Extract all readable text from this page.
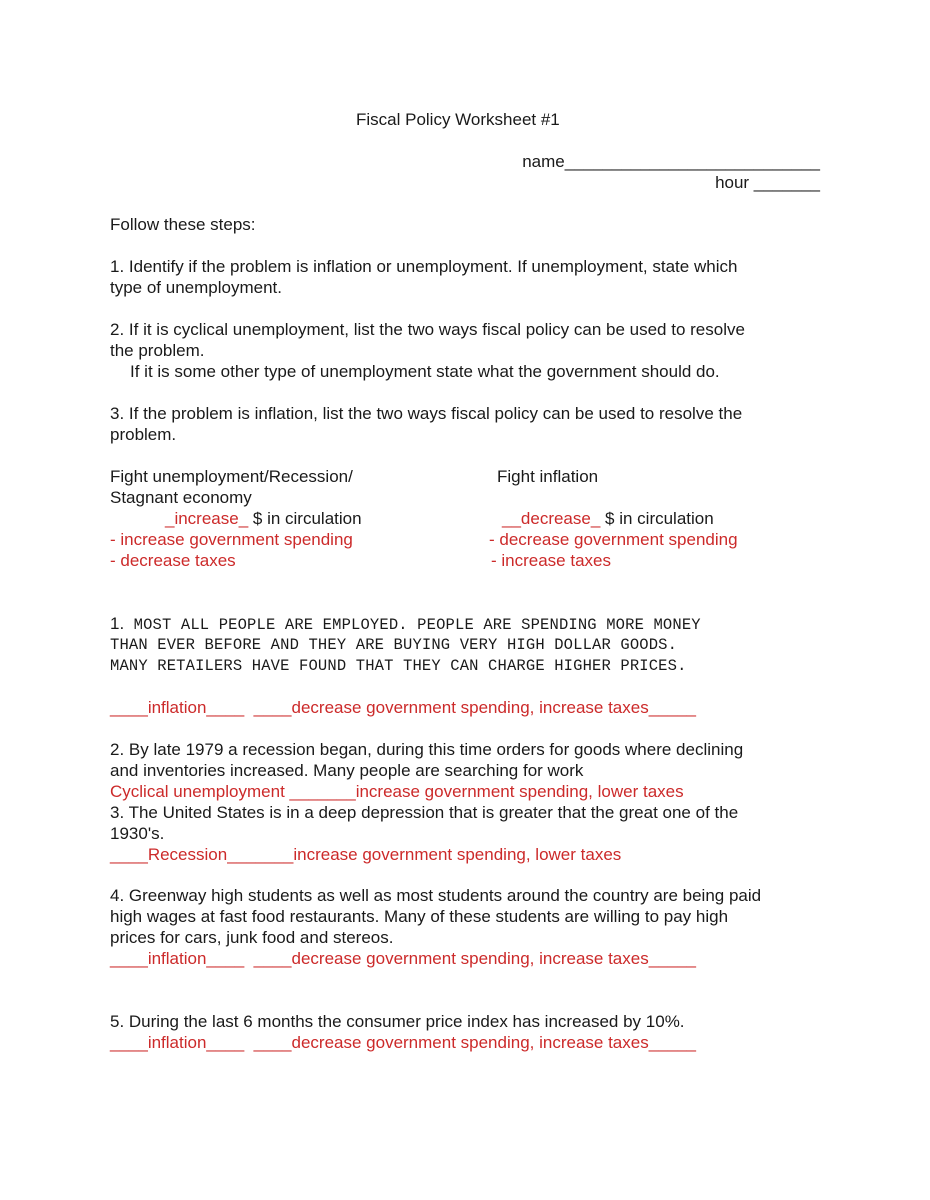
Fiscal Policy Worksheet #1
name___________________________
hour _______
Follow these steps:
1. Identify if the problem is inflation or unemployment. If unemployment, state which
type of unemployment.
2. If it is cyclical unemployment, list the two ways fiscal policy can be used to resolve
the problem.
If it is some other type of unemployment state what the government should do.
3. If the problem is inflation, list the two ways fiscal policy can be used to resolve the
problem.
Fight unemployment/Recession/
Stagnant economy
_increase_ $ in circulation
- increase government spending
- decrease taxes
Fight inflation
__decrease_ $ in circulation
- decrease government spending
- increase taxes
1. MOST ALL PEOPLE ARE EMPLOYED. PEOPLE ARE SPENDING MORE MONEY
THAN EVER BEFORE AND THEY ARE BUYING VERY HIGH DOLLAR GOODS.
MANY RETAILERS HAVE FOUND THAT THEY CAN CHARGE HIGHER PRICES.
____inflation____  ____decrease government spending, increase taxes_____
2. By late 1979 a recession began, during this time orders for goods where declining
and inventories increased. Many people are searching for work
Cyclical unemployment _______increase government spending, lower taxes
3. The United States is in a deep depression that is greater that the great one of the
1930's.
____Recession_______increase government spending, lower taxes
4. Greenway high students as well as most students around the country are being paid
high wages at fast food restaurants. Many of these students are willing to pay high
prices for cars, junk food and stereos.
____inflation____  ____decrease government spending, increase taxes_____
5. During the last 6 months the consumer price index has increased by 10%.
____inflation____  ____decrease government spending, increase taxes_____
